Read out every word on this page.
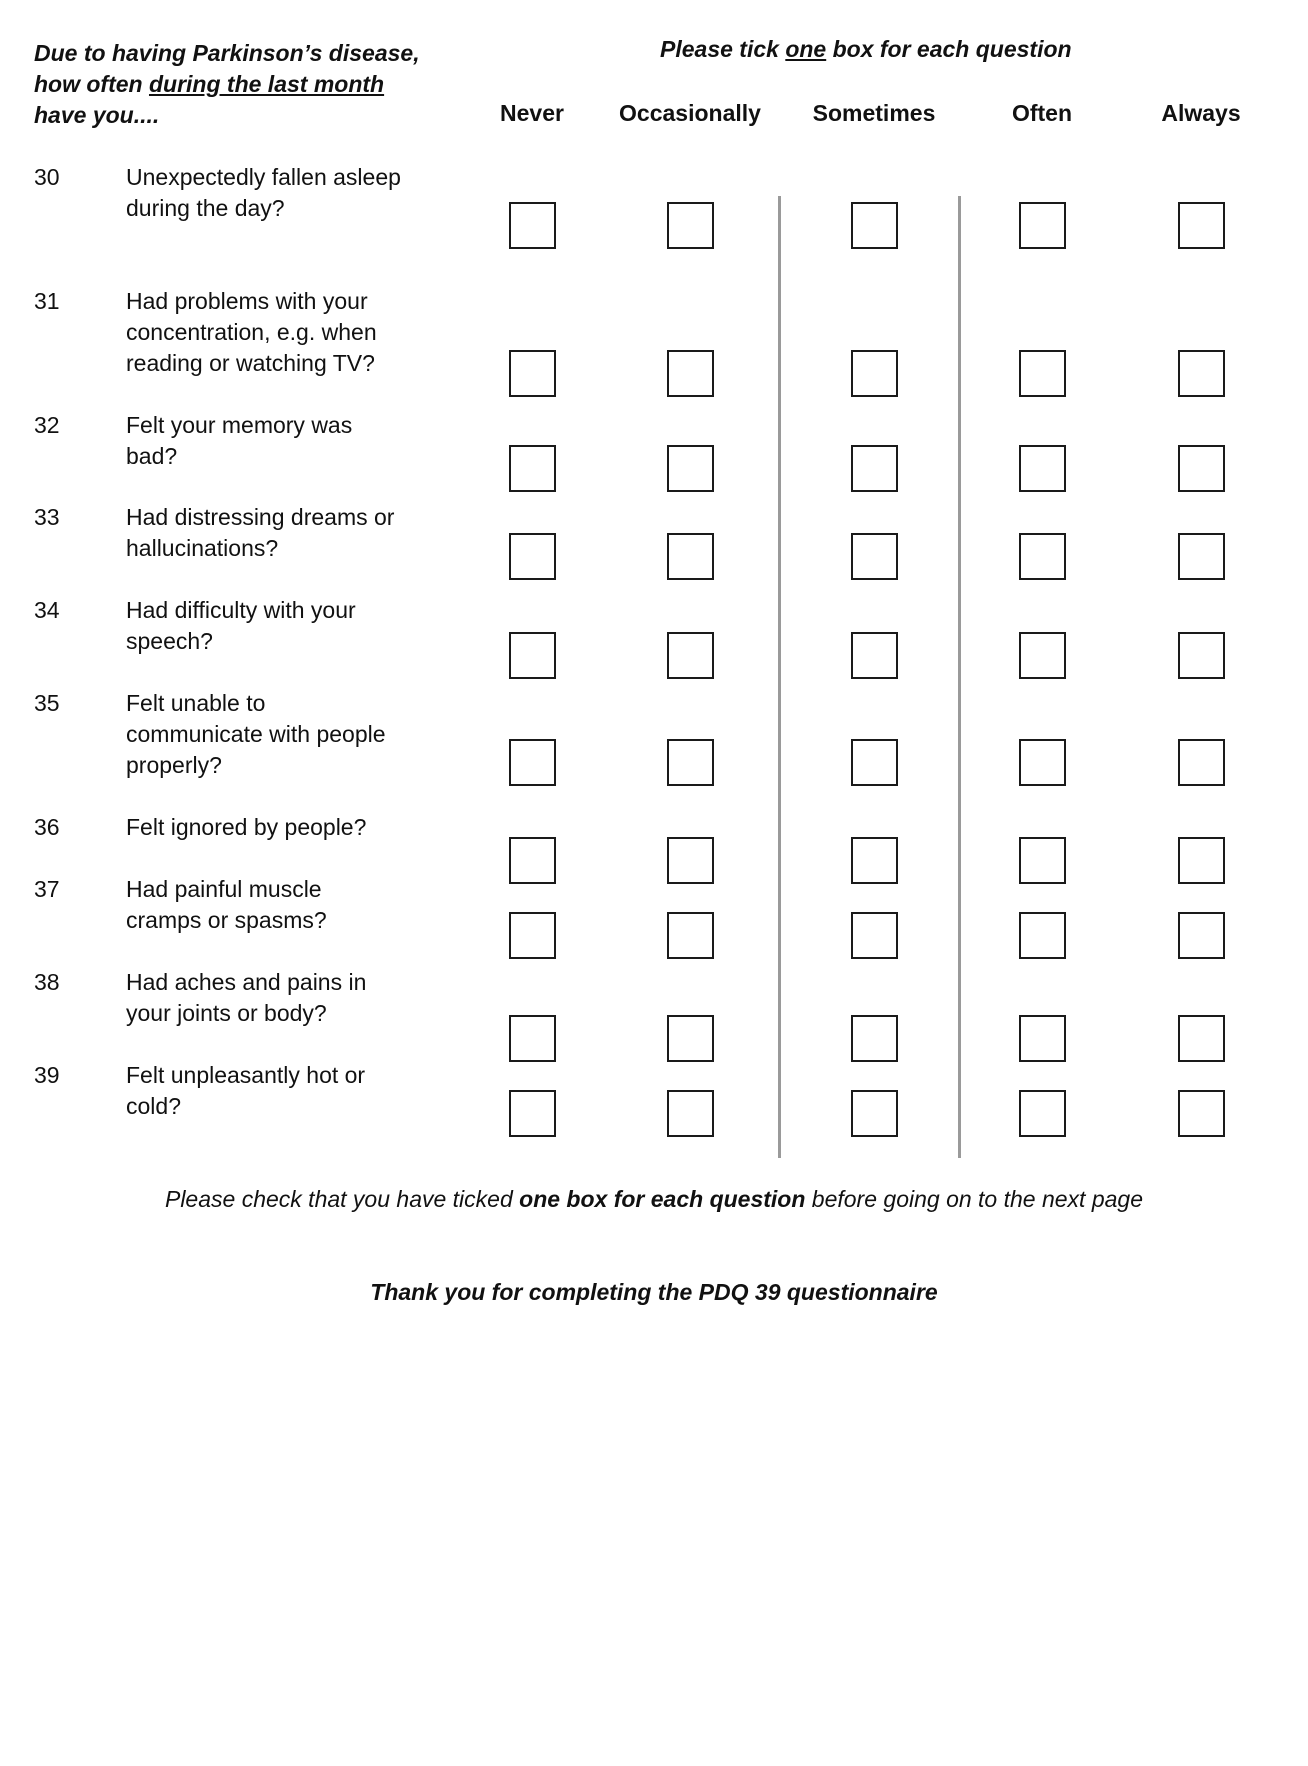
Due to having Parkinson’s disease,
how often during the last month
have you....
Please tick one box for each question
Never Occasionally Sometimes	Often	Always
30	Unexpectedly fallen asleep
during the day?
31	Had problems with your
concentration, e.g. when
reading or watching TV?
32	Felt your memory was
bad?
33	Had distressing dreams or
hallucinations?
34	Had difficulty with your
speech?
35	Felt unable to
communicate with people
properly?
36	Felt ignored by people?
37	Had painful muscle
cramps or spasms?
38	Had aches and pains in
your joints or body?
39	Felt unpleasantly hot or
cold?
Please check that you have ticked one box for each question before going on to the next page
Thank you for completing the PDQ 39 questionnaire
